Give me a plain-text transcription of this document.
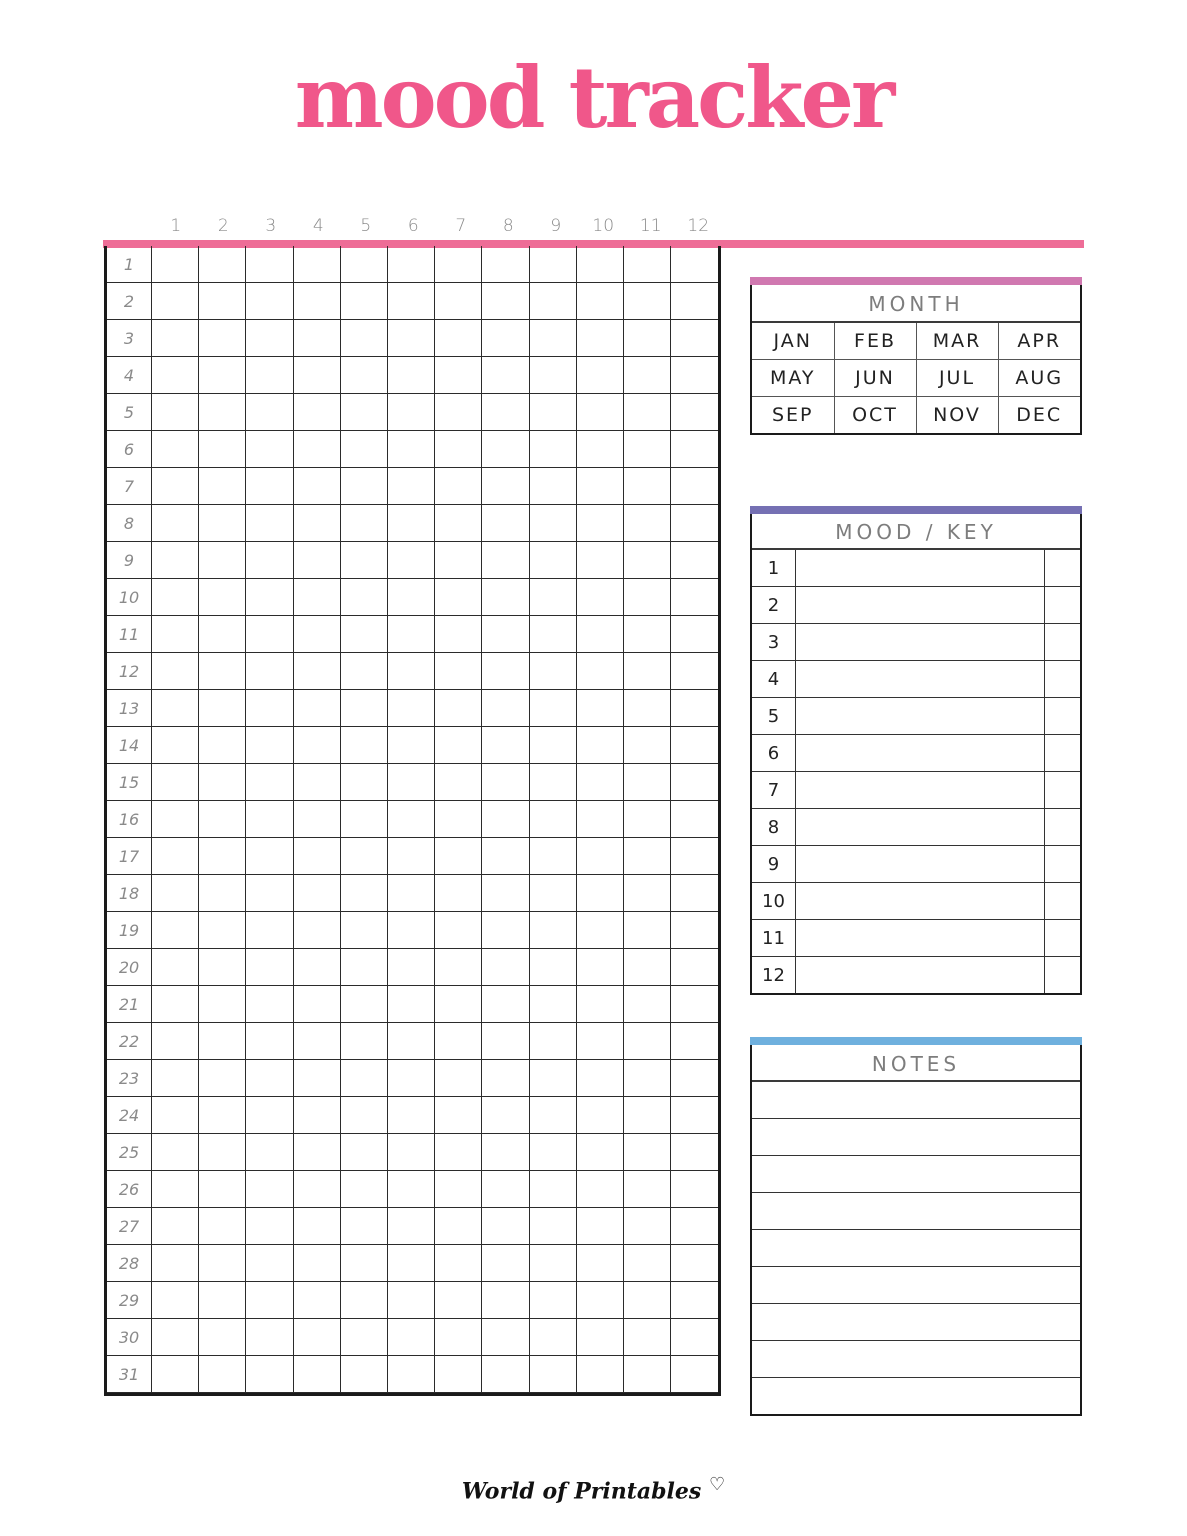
mood tracker
1	2	3	4	5	6	7	8	9	10	11	12
1												
2												
3												
4												
5												
6												
7												
8												
9												
10												
11												
12												
13												
14												
15												
16												
17												
18												
19												
20												
21												
22												
23												
24												
25												
26												
27												
28												
29												
30												
31												
MONTH
JAN	FEB	MAR	APR
MAY	JUN	JUL	AUG
SEP	OCT	NOV	DEC
MOOD / KEY
1		
2		
3		
4		
5		
6		
7		
8		
9		
10		
11		
12		
NOTES
World of Printables ♡
